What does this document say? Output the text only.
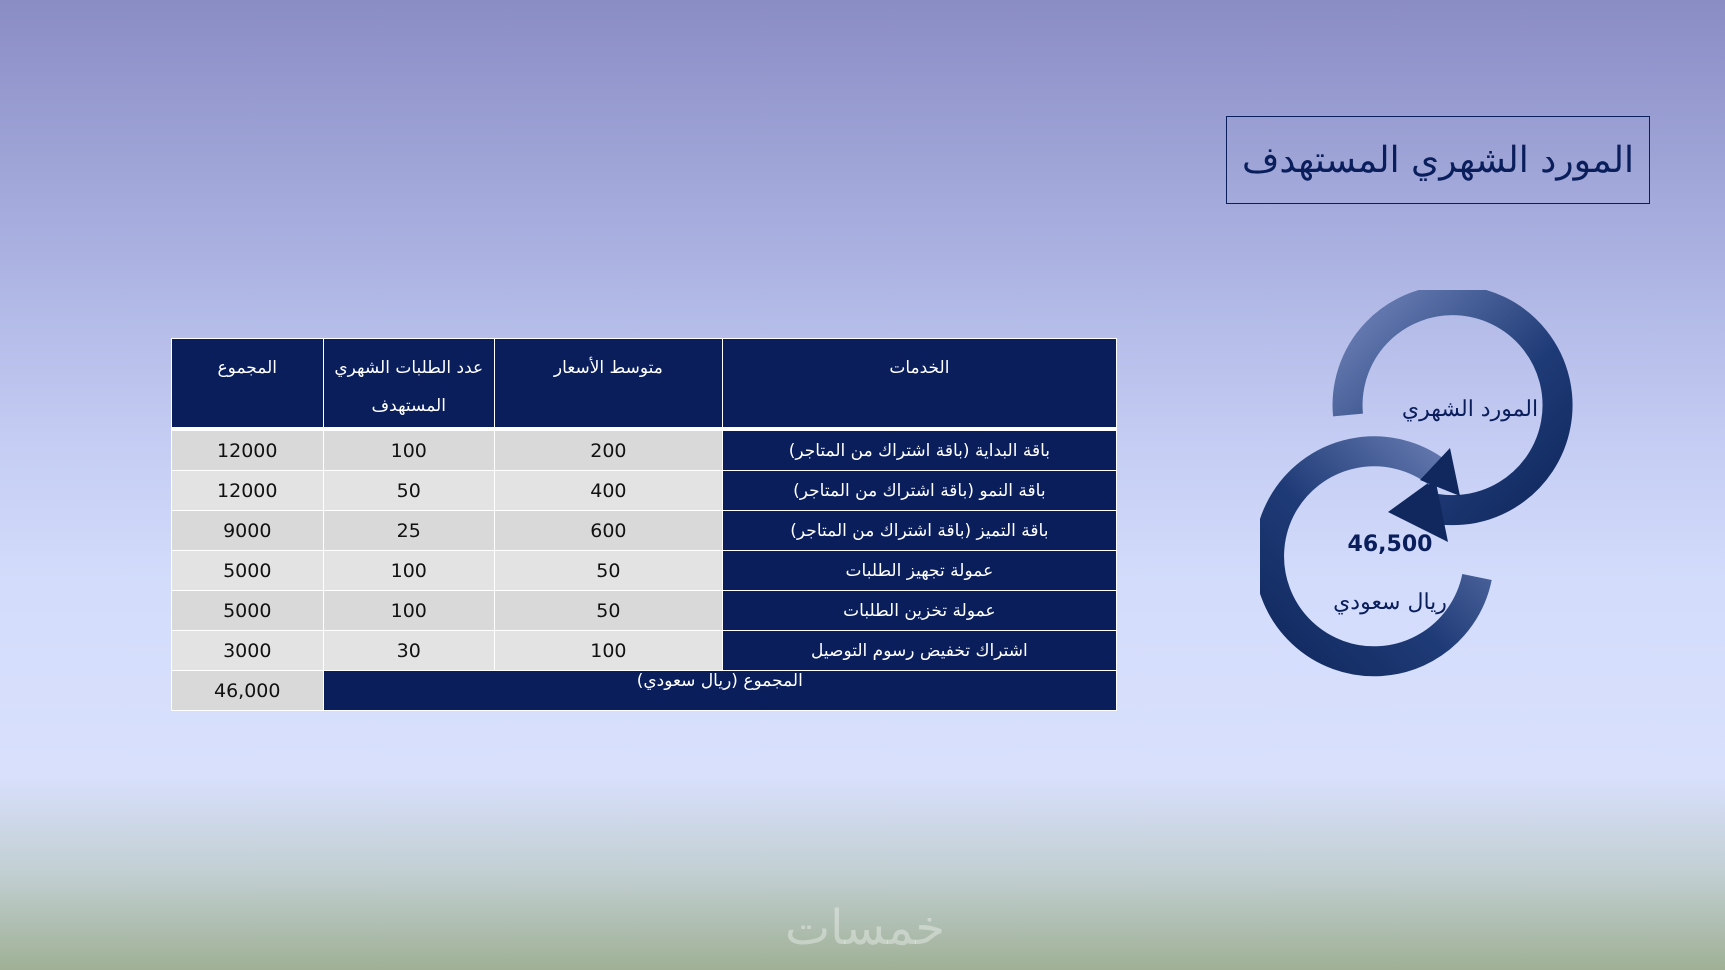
المورد الشهري المستهدف
الخدمات	متوسط الأسعار	عدد الطلبات الشهري المستهدف	المجموع
باقة البداية (باقة اشتراك من المتاجر)	200	100	12000
باقة النمو (باقة اشتراك من المتاجر)	400	50	12000
باقة التميز (باقة اشتراك من المتاجر)	600	25	9000
عمولة تجهيز الطلبات	50	100	5000
عمولة تخزين الطلبات	50	100	5000
اشتراك تخفيض رسوم التوصيل	100	30	3000
المجموع (ريال سعودي)			46,000
المورد الشهري
46,500
ريال سعودي
خمسات
